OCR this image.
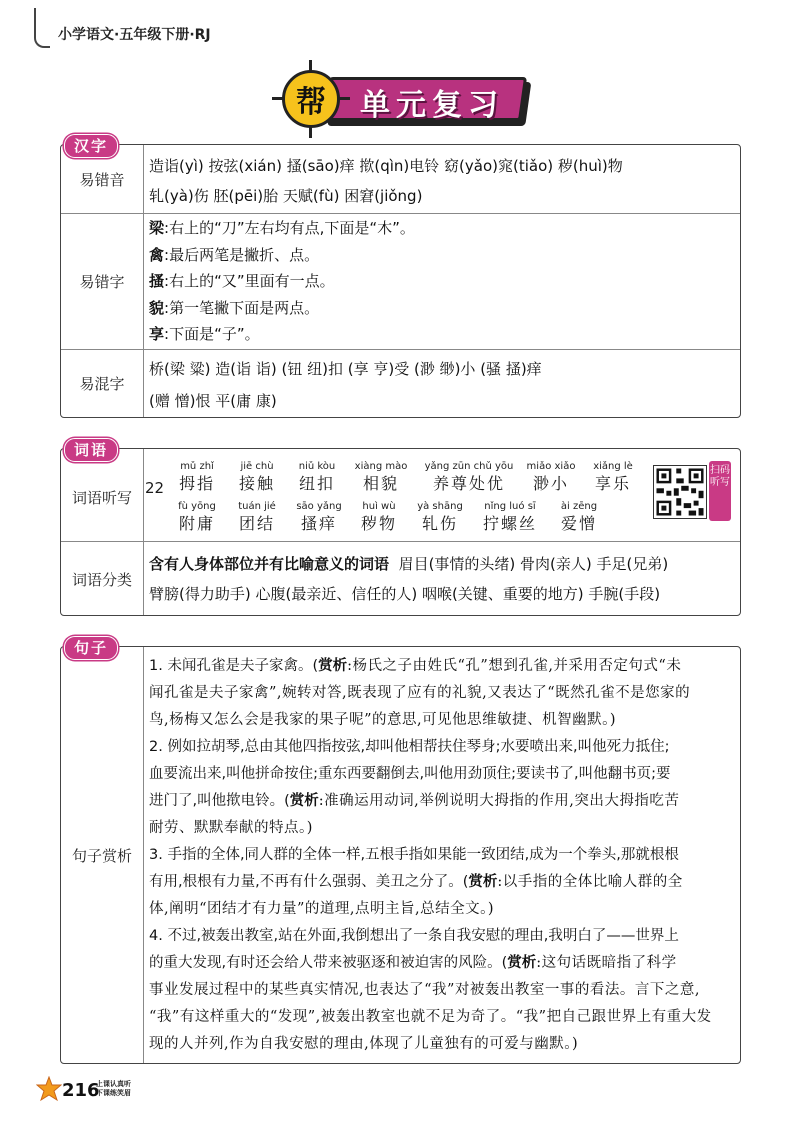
小学语文·五年级下册·RJ
帮	单元复习
汉字
易错音

造诣(yì) 按弦(xián) 搔(sāo)痒 揿(qìn)电铃 窈(yǎo)窕(tiǎo) 秽(huì)物

轧(yà)伤 胚(pēi)胎 天赋(fù) 困窘(jiǒng)

易错字

梁:右上的“刀”左右均有点,下面是“木”。

禽:最后两笔是撇折、点。

搔:右上的“又”里面有一点。

貌:第一笔撇下面是两点。

享:下面是“子”。

易混字

桥(梁 粱) 造(诣 诣) (钮 纽)扣 (享 亨)受 (渺 缈)小 (骚 搔)痒

(赠 憎)恨 平(庸 康)

词语
词语听写
22
mǔ zhǐ
拇指
jiē chù
接触
niǔ kòu
纽扣
xiàng mào
相貌
yǎng zūn chǔ yōu
养尊处优
miǎo xiǎo
渺小
xiǎng lè
享乐
fù yōng
附庸
tuán jié
团结
sāo yǎng
搔痒
huì wù
秽物
yà shāng
轧伤
nǐng luó sī
拧螺丝
ài zēng
爱憎
扫码听写
词语分类

含有人身体部位并有比喻意义的词语 眉目(事情的头绪) 骨肉(亲人) 手足(兄弟)

臂膀(得力助手) 心腹(最亲近、信任的人) 咽喉(关键、重要的地方) 手腕(手段)

句子
句子赏析

1. 未闻孔雀是夫子家禽。(赏析:杨氏之子由姓氏“孔”想到孔雀,并采用否定句式“未

闻孔雀是夫子家禽”,婉转对答,既表现了应有的礼貌,又表达了“既然孔雀不是您家的

鸟,杨梅又怎么会是我家的果子呢”的意思,可见他思维敏捷、机智幽默。)

2. 例如拉胡琴,总由其他四指按弦,却叫他相帮扶住琴身;水要喷出来,叫他死力抵住;

血要流出来,叫他拼命按住;重东西要翻倒去,叫他用劲顶住;要读书了,叫他翻书页;要

进门了,叫他揿电铃。(赏析:准确运用动词,举例说明大拇指的作用,突出大拇指吃苦

耐劳、默默奉献的特点。)

3. 手指的全体,同人群的全体一样,五根手指如果能一致团结,成为一个拳头,那就根根

有用,根根有力量,不再有什么强弱、美丑之分了。(赏析:以手指的全体比喻人群的全

体,阐明“团结才有力量”的道理,点明主旨,总结全文。)

4. 不过,被轰出教室,站在外面,我倒想出了一条自我安慰的理由,我明白了——世界上

的重大发现,有时还会给人带来被驱逐和被迫害的风险。(赏析:这句话既暗指了科学

事业发展过程中的某些真实情况,也表达了“我”对被轰出教室一事的看法。言下之意,

“我”有这样重大的“发现”,被轰出教室也就不足为奇了。“我”把自己跟世界上有重大发

现的人并列,作为自我安慰的理由,体现了儿童独有的可爱与幽默。)

216
上课认真听
下课练笑眉
